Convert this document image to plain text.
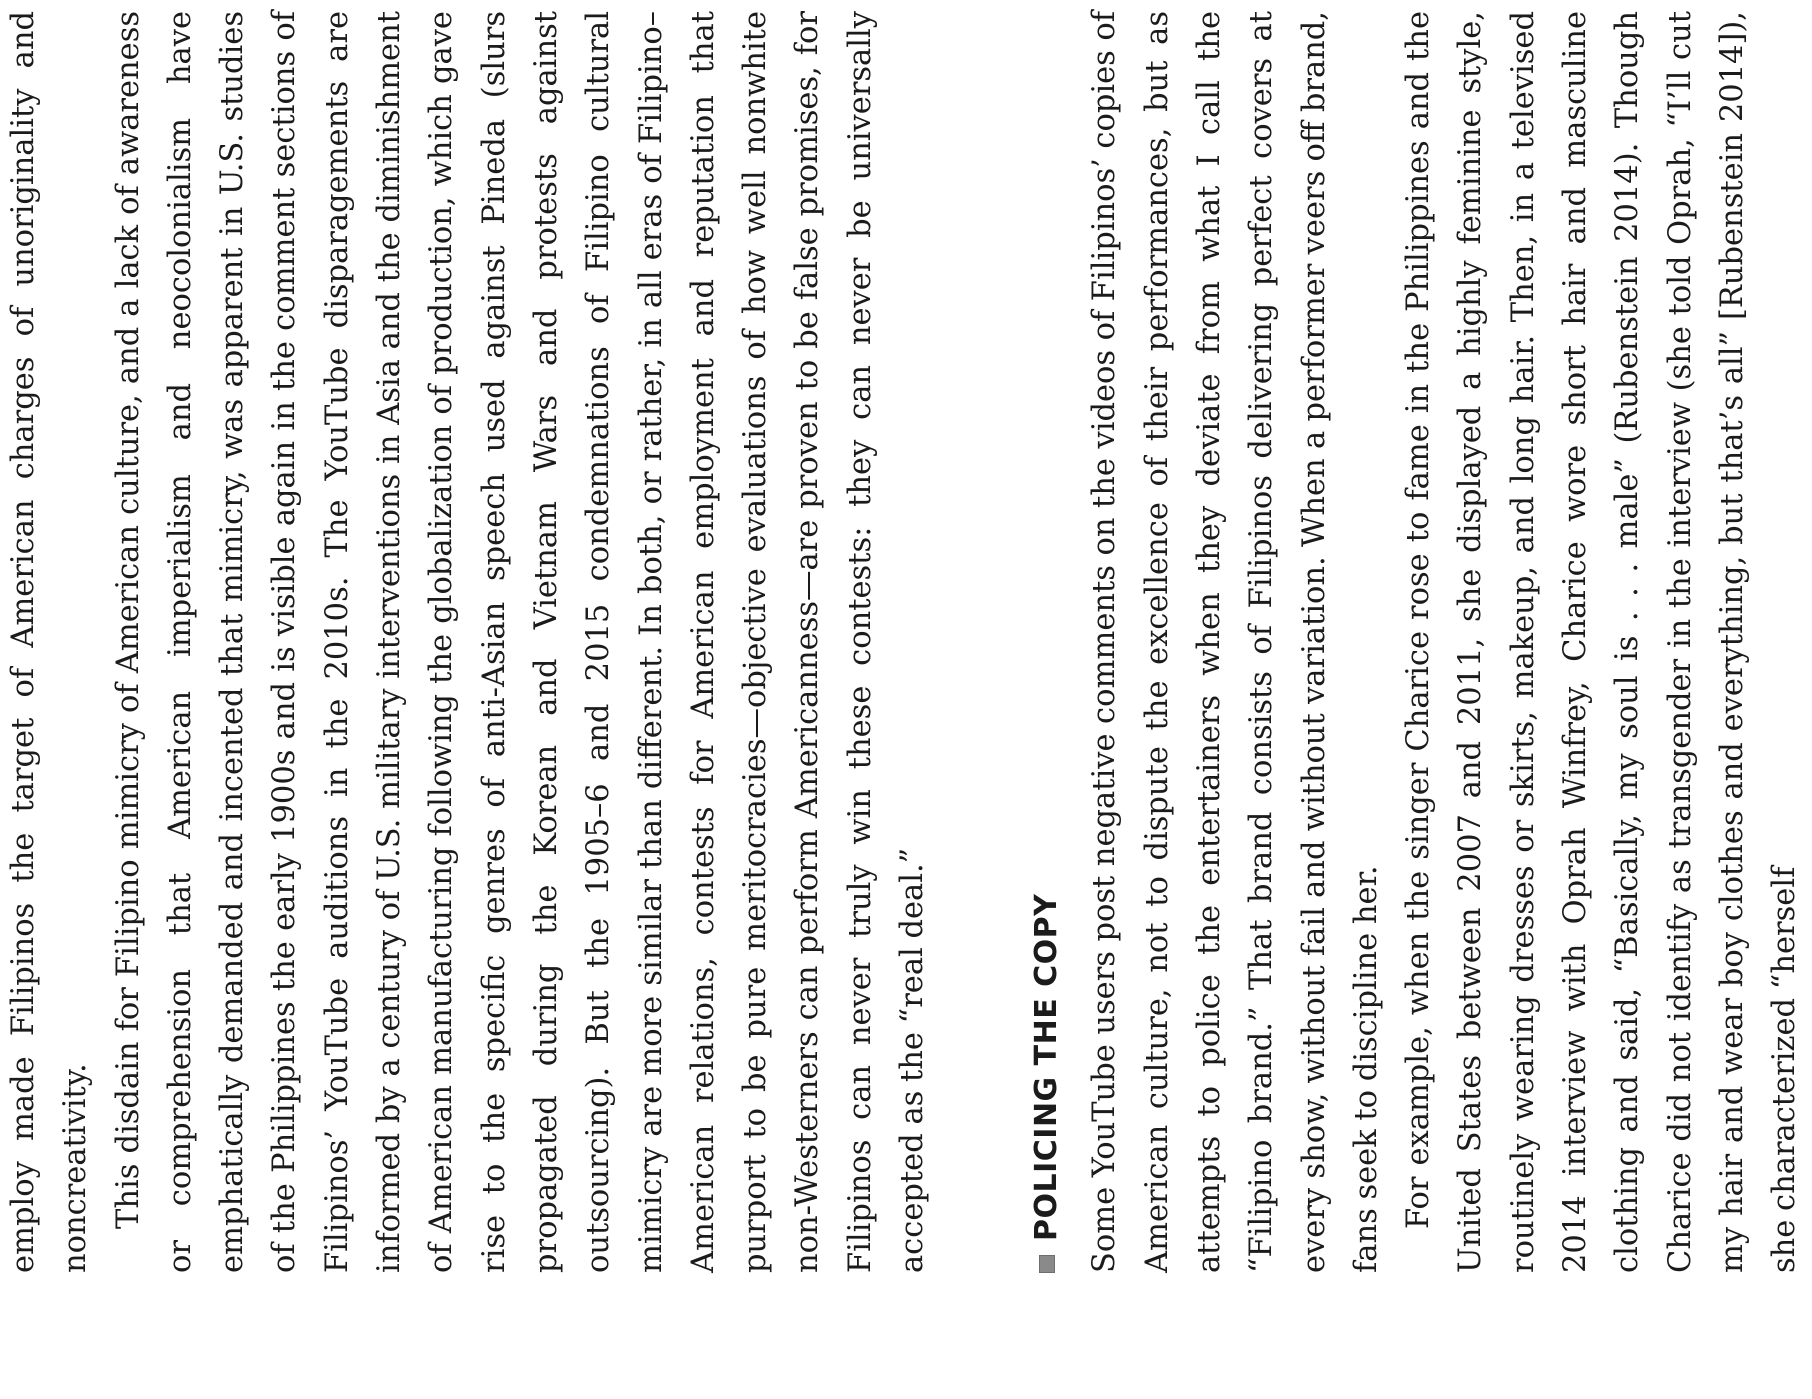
employ made Filipinos the target of American charges of unoriginality and noncreativity. This disdain for Filipino mimicry of American culture, and a lack of awareness or comprehension that American imperialism and neocolonialism have emphatically demanded and incented that mimicry, was apparent in U.S. studies of the Philippines the early 1900s and is visible again in the comment sections of Filipinos’ YouTube auditions in the 2010s. The YouTube disparagements are informed by a century of U.S. military interventions in Asia and the diminishment of American manufacturing following the globalization of production, which gave rise to the specific genres of anti-Asian speech used against Pineda (slurs propagated during the Korean and Vietnam Wars and protests against outsourcing). But the 1905–6 and 2015 condemnations of Filipino cultural mimicry are more similar than different. In both, or rather, in all eras of Filipino–American relations, contests for American employment and reputation that purport to be pure meritocracies—objective evaluations of how well nonwhite non-Westerners can perform Americanness—are proven to be false promises, for Filipinos can never truly win these contests: they can never be universally accepted as the “real deal.”	POLICING THE COPY Some YouTube users post negative comments on the videos of Filipinos’ copies of American culture, not to dispute the excellence of their performances, but as attempts to police the entertainers when they deviate from what I call the “Filipino brand.” That brand consists of Filipinos delivering perfect covers at every show, without fail and without variation. When a performer veers off brand, fans seek to discipline her. For example, when the singer Charice rose to fame in the Philippines and the United States between 2007 and 2011, she displayed a highly feminine style, routinely wearing dresses or skirts, makeup, and long hair. Then, in a televised 2014 interview with Oprah Winfrey, Charice wore short hair and masculine clothing and said, “Basically, my soul is . . . male” (Rubenstein 2014). Though Charice did not identify as transgender in the interview (she told Oprah, “I’ll cut my hair and wear boy clothes and everything, but that’s all” [Rubenstein 2014]), she characterized “herself
